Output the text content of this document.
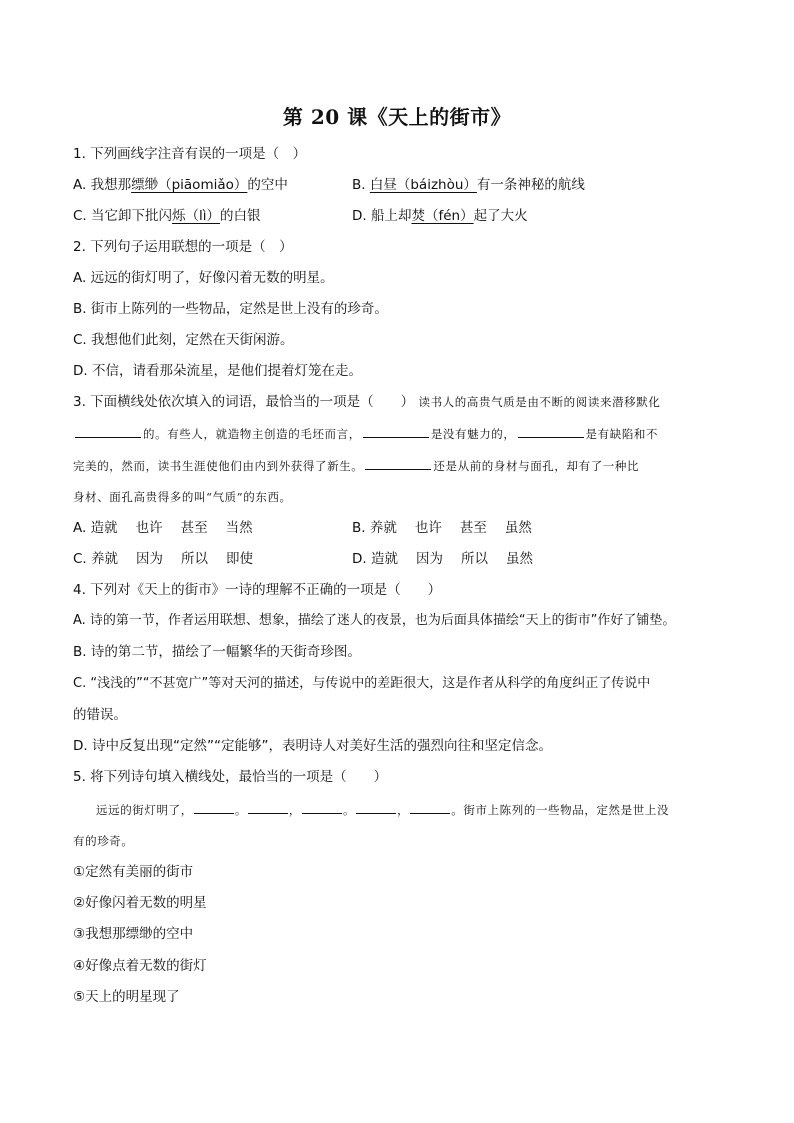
第 20 课《天上的街市》
1. 下列画线字注音有误的一项是（　）
A. 我想那缥缈（piāomiǎo）的空中	B. 白昼（báizhòu）有一条神秘的航线
C. 当它卸下批闪烁（lì）的白银	D. 船上却焚（fén）起了大火
2. 下列句子运用联想的一项是（　）
A. 远远的街灯明了，好像闪着无数的明星。
B. 街市上陈列的一些物品，定然是世上没有的珍奇。
C. 我想他们此刻，定然在天街闲游。
D. 不信，请看那朵流星，是他们提着灯笼在走。
3. 下面横线处依次填入的词语，最恰当的一项是（　　） 读书人的高贵气质是由不断的阅读来潜移默化
的。有些人，就造物主创造的毛坯而言，	是没有魅力的，	是有缺陷和不
完美的，然而，读书生涯使他们由内到外获得了新生。	还是从前的身材与面孔，却有了一种比
身材、面孔高贵得多的叫“气质”的东西。
A. 造就 也许 甚至 当然	B. 养就 也许 甚至 虽然
C. 养就 因为 所以 即使	D. 造就 因为 所以 虽然
4. 下列对《天上的街市》一诗的理解不正确的一项是（　　）
A. 诗的第一节，作者运用联想、想象，描绘了迷人的夜景，也为后面具体描绘“天上的街市”作好了铺垫。
B. 诗的第二节，描绘了一幅繁华的天街奇珍图。
C. “浅浅的”“不甚宽广”等对天河的描述，与传说中的差距很大，这是作者从科学的角度纠正了传说中
的错误。
D. 诗中反复出现“定然”“定能够”，表明诗人对美好生活的强烈向往和坚定信念。
5. 将下列诗句填入横线处，最恰当的一项是（　　）
远远的街灯明了，	。	，	。	，	。街市上陈列的一些物品，定然是世上没
有的珍奇。
①定然有美丽的街市
②好像闪着无数的明星
③我想那缥缈的空中
④好像点着无数的街灯
⑤天上的明星现了
